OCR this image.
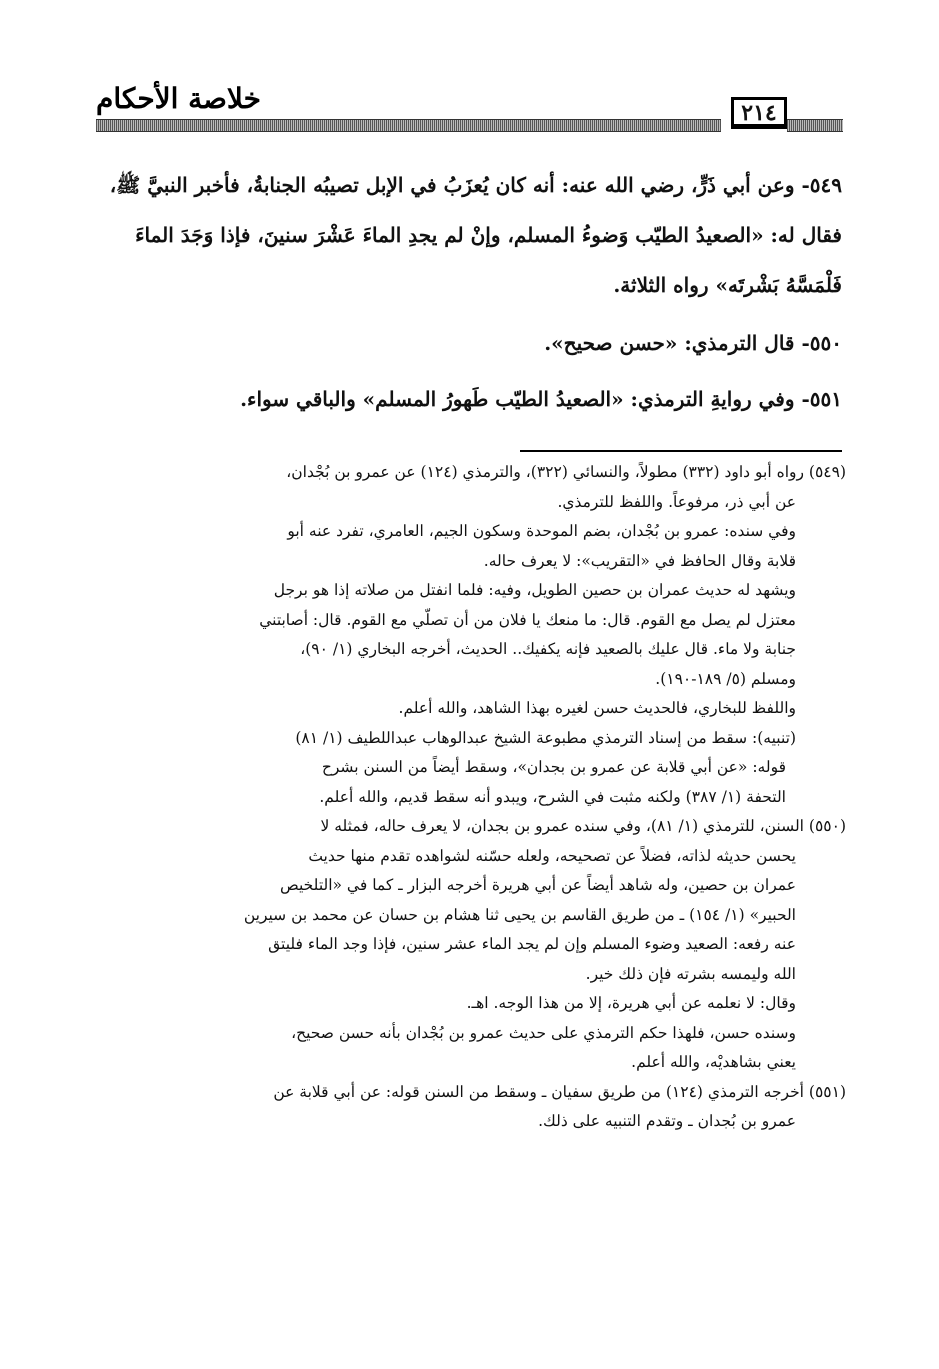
خلاصة الأحكام	٢١٤

٥٤٩- وعن أبي ذَرٍّ، رضي الله عنه: أنه كان يُعزَبُ في الإبل تصيبُه الجنابةُ، فأخبر النبيَّ ﷺ، فقال له: «الصعيدُ الطيّب وَضوءُ المسلم، وإنْ لم يجدِ الماءَ عَشْرَ سنينَ، فإذا وَجَدَ الماءَ فَلْمَسَّهُ بَشْرتَه» رواه الثلاثة.

٥٥٠- قال الترمذي: «حسن صحيح».

٥٥١- وفي روايةِ الترمذي: «الصعيدُ الطيّب طَهورُ المسلم» والباقي سواء.

(٥٤٩) رواه أبو داود (٣٣٢) مطولاً، والنسائي (٣٢٢)، والترمذي (١٢٤) عن عمرو بن بُجْدان،

عن أبي ذر، مرفوعاً. واللفظ للترمذي.

وفي سنده: عمرو بن بُجْدان، بضم الموحدة وسكون الجيم، العامري، تفرد عنه أبو

قلابة وقال الحافظ في «التقريب»: لا يعرف حاله.

ويشهد له حديث عمران بن حصين الطويل، وفيه: فلما انفتل من صلاته إذا هو برجل

معتزل لم يصل مع القوم. قال: ما منعك يا فلان من أن تصلّي مع القوم. قال: أصابتني

جنابة ولا ماء. قال عليك بالصعيد فإنه يكفيك.. الحديث، أخرجه البخاري (١/ ٩٠)،

ومسلم (٥/ ١٨٩-١٩٠).

واللفظ للبخاري، فالحديث حسن لغيره بهذا الشاهد، والله أعلم.

(تنبيه): سقط من إسناد الترمذي مطبوعة الشيخ عبدالوهاب عبداللطيف (١/ ٨١)

قوله: «عن أبي قلابة عن عمرو بن بجدان»، وسقط أيضاً من السنن بشرح

التحفة (١/ ٣٨٧) ولكنه مثبت في الشرح، ويبدو أنه سقط قديم، والله أعلم.

(٥٥٠) السنن، للترمذي (١/ ٨١)، وفي سنده عمرو بن بجدان، لا يعرف حاله، فمثله لا

يحسن حديثه لذاته، فضلاً عن تصحيحه، ولعله حسّنه لشواهده تقدم منها حديث

عمران بن حصين، وله شاهد أيضاً عن أبي هريرة أخرجه البزار ـ كما في «التلخيص

الحبير» (١/ ١٥٤) ـ من طريق القاسم بن يحيى ثنا هشام بن حسان عن محمد بن سيرين

عنه رفعه: الصعيد وضوء المسلم وإن لم يجد الماء عشر سنين، فإذا وجد الماء فليتق

الله وليمسه بشرته فإن ذلك خير.

وقال: لا نعلمه عن أبي هريرة، إلا من هذا الوجه. اهـ.

وسنده حسن، فلهذا حكم الترمذي على حديث عمرو بن بُجْدان بأنه حسن صحيح،

يعني بشاهديْه، والله أعلم.

(٥٥١) أخرجه الترمذي (١٢٤) من طريق سفيان ـ وسقط من السنن قوله: عن أبي قلابة عن

عمرو بن بُجدان ـ وتقدم التنبيه على ذلك.
